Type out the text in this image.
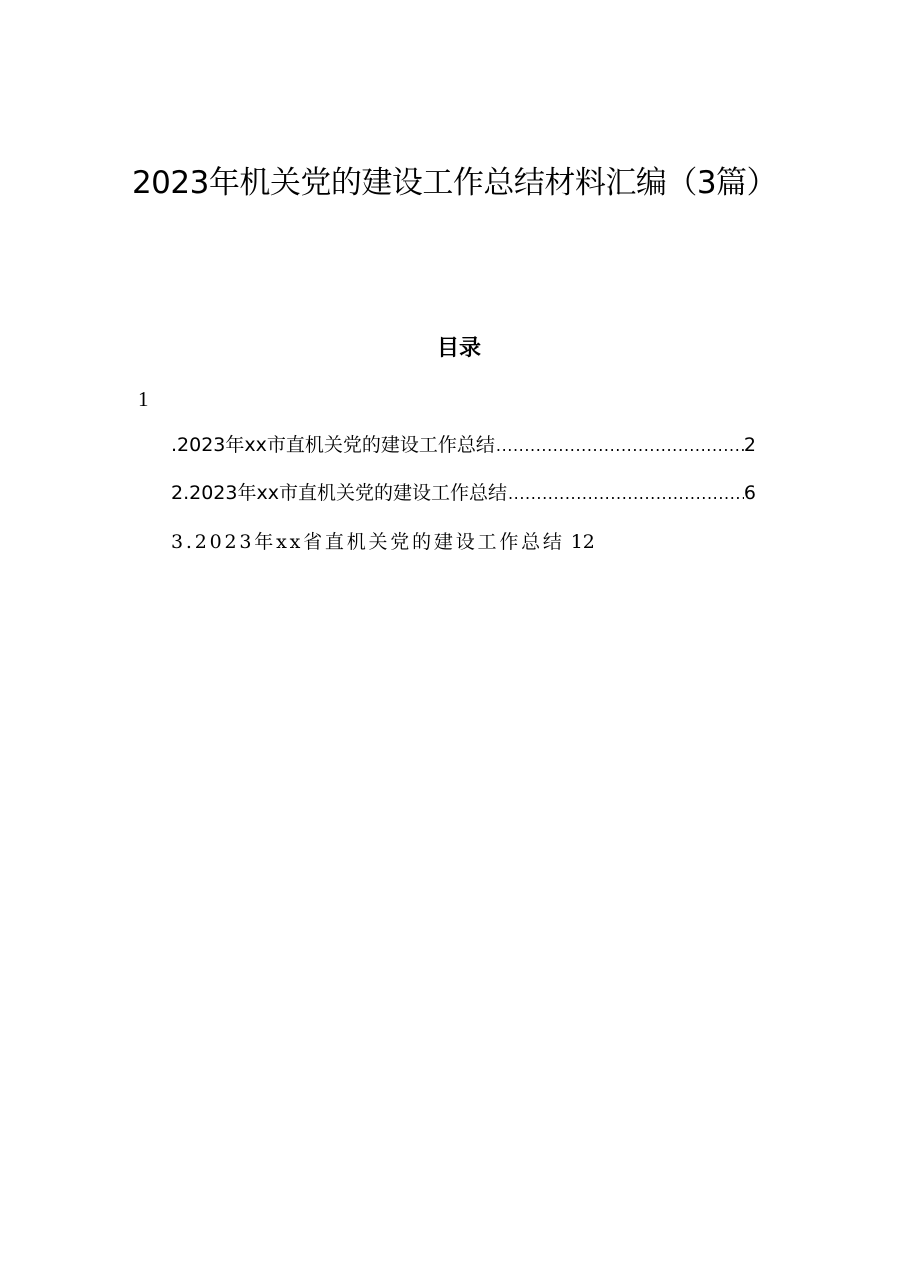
2023年机关党的建设工作总结材料汇编（3篇）
目录
1
.2023年xx市直机关党的建设工作总结 .....	2
2.2023年xx市直机关党的建设工作总结 .....	6
3.2023年xx省直机关党的建设工作总结 12
